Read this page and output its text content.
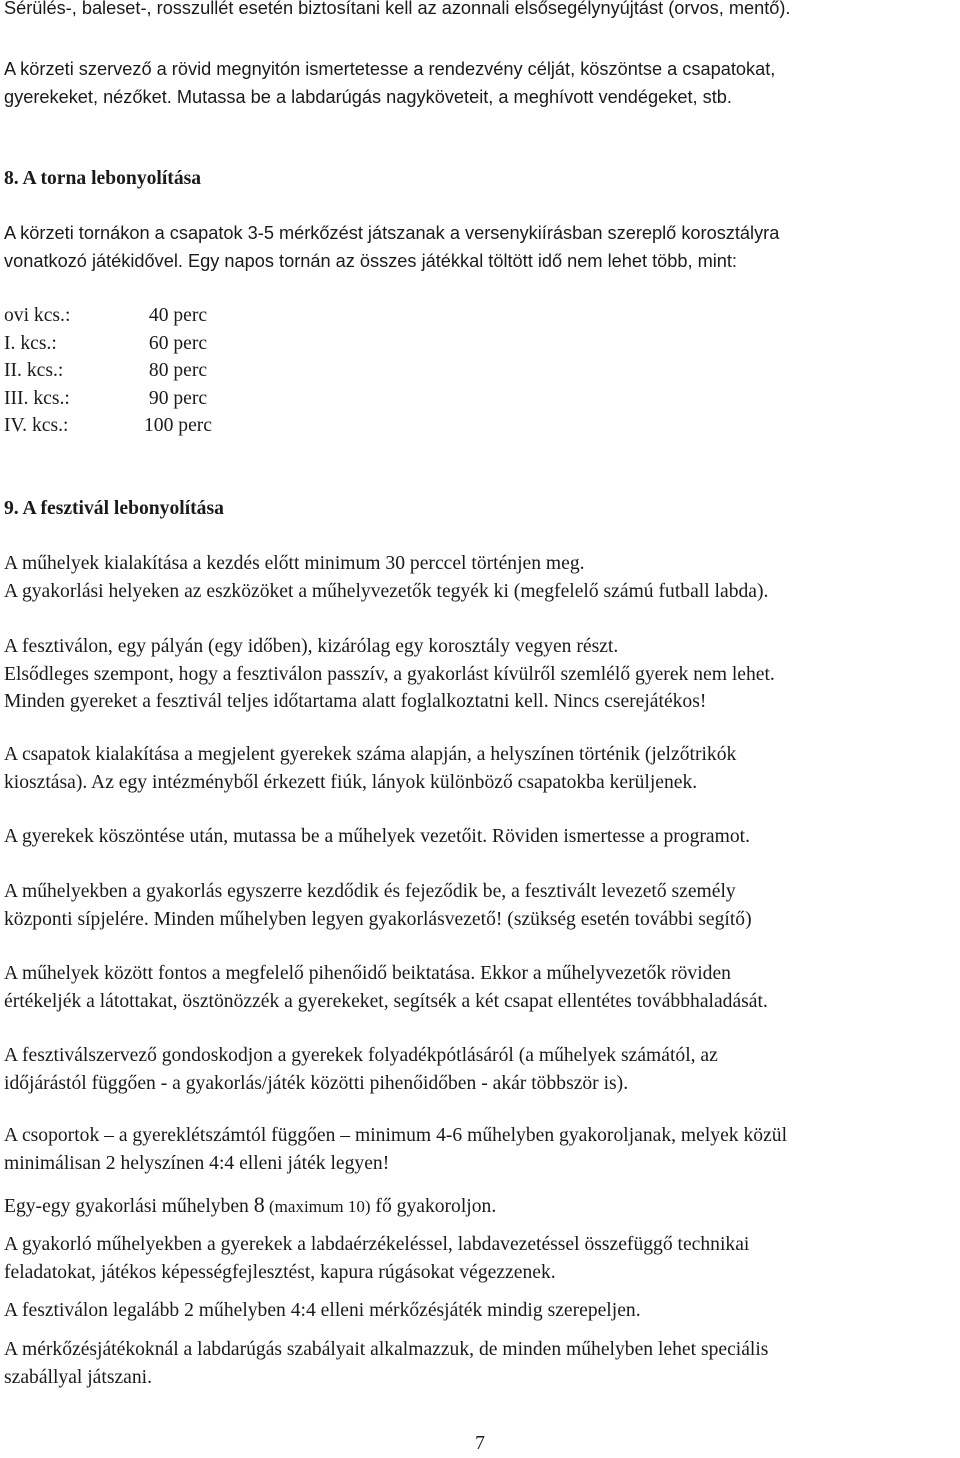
Sérülés-, baleset-, rosszullét esetén biztosítani kell az azonnali elsősegélynyújtást (orvos, mentő).

A körzeti szervező a rövid megnyitón ismertetesse a rendezvény célját, köszöntse a csapatokat,
gyerekeket, nézőket. Mutassa be a labdarúgás nagyköveteit, a meghívott vendégeket, stb.

8. A torna lebonyolítása

A körzeti tornákon a csapatok 3-5 mérkőzést játszanak a versenykiírásban szereplő korosztályra
vonatkozó játékidővel. Egy napos tornán az összes játékkal töltött idő nem lehet több, mint:

ovi kcs.:	40 perc
I. kcs.:	60 perc
II. kcs.:	80 perc
III. kcs.:	90 perc
IV. kcs.:	100 perc
9. A fesztivál lebonyolítása

A műhelyek kialakítása a kezdés előtt minimum 30 perccel történjen meg.
A gyakorlási helyeken az eszközöket a műhelyvezetők tegyék ki (megfelelő számú futball labda).

A fesztiválon, egy pályán (egy időben), kizárólag egy korosztály vegyen részt.
Elsődleges szempont, hogy a fesztiválon passzív, a gyakorlást kívülről szemlélő gyerek nem lehet.
Minden gyereket a fesztivál teljes időtartama alatt foglalkoztatni kell. Nincs cserejátékos!

A csapatok kialakítása a megjelent gyerekek száma alapján, a helyszínen történik (jelzőtrikók
kiosztása). Az egy intézményből érkezett fiúk, lányok különböző csapatokba kerüljenek.

A gyerekek köszöntése után, mutassa be a műhelyek vezetőit. Röviden ismertesse a programot.

A műhelyekben a gyakorlás egyszerre kezdődik és fejeződik be, a fesztivált levezető személy
központi sípjelére. Minden műhelyben legyen gyakorlásvezető! (szükség esetén további segítő)

A műhelyek között fontos a megfelelő pihenőidő beiktatása. Ekkor a műhelyvezetők röviden
értékeljék a látottakat, ösztönözzék a gyerekeket, segítsék a két csapat ellentétes továbbhaladását.

A fesztiválszervező gondoskodjon a gyerekek folyadékpótlásáról (a műhelyek számától, az
időjárástól függően - a gyakorlás/játék közötti pihenőidőben - akár többször is).

A csoportok – a gyereklétszámtól függően – minimum 4-6 műhelyben gyakoroljanak, melyek közül
minimálisan 2 helyszínen 4:4 elleni játék legyen!

Egy-egy gyakorlási műhelyben 8 (maximum 10) fő gyakoroljon.

A gyakorló műhelyekben a gyerekek a labdaérzékeléssel, labdavezetéssel összefüggő technikai
feladatokat, játékos képességfejlesztést, kapura rúgásokat végezzenek.

A fesztiválon legalább 2 műhelyben 4:4 elleni mérkőzésjáték mindig szerepeljen.

A mérkőzésjátékoknál a labdarúgás szabályait alkalmazzuk, de minden műhelyben lehet speciális
szabállyal játszani.

7
